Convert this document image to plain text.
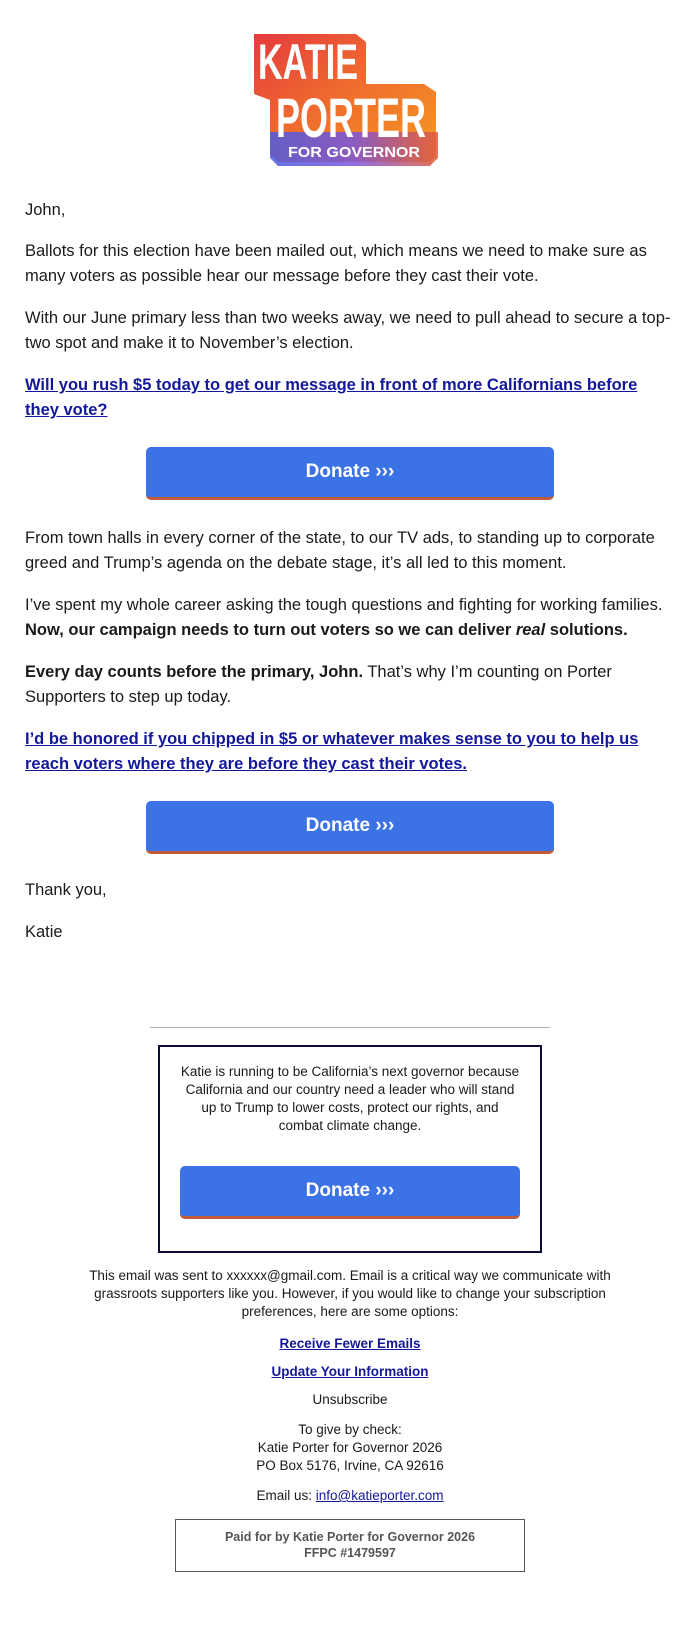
KATIE
PORTER
FOR GOVERNOR

John,

Ballots for this election have been mailed out, which means we need to make sure as many voters as possible hear our message before they cast their vote.

With our June primary less than two weeks away, we need to pull ahead to secure a top-two spot and make it to November’s election.

Will you rush $5 today to get our message in front of more Californians before they vote?
Donate ›››

From town halls in every corner of the state, to our TV ads, to standing up to corporate greed and Trump’s agenda on the debate stage, it’s all led to this moment.

I’ve spent my whole career asking the tough questions and fighting for working families. Now, our campaign needs to turn out voters so we can deliver real solutions.

Every day counts before the primary, John. That’s why I’m counting on Porter Supporters to step up today.

I’d be honored if you chipped in $5 or whatever makes sense to you to help us reach voters where they are before they cast their votes.
Donate ›››

Thank you,

Katie

Katie is running to be California’s next governor because California and our country need a leader who will stand up to Trump to lower costs, protect our rights, and combat climate change.

Donate ›››

This email was sent to xxxxxx@gmail.com. Email is a critical way we communicate with grassroots supporters like you. However, if you would like to change your subscription preferences, here are some options:

Receive Fewer Emails
Update Your Information
Unsubscribe
To give by check:
Katie Porter for Governor 2026
PO Box 5176, Irvine, CA 92616
Email us: info@katieporter.com
Paid for by Katie Porter for Governor 2026
FFPC #1479597
